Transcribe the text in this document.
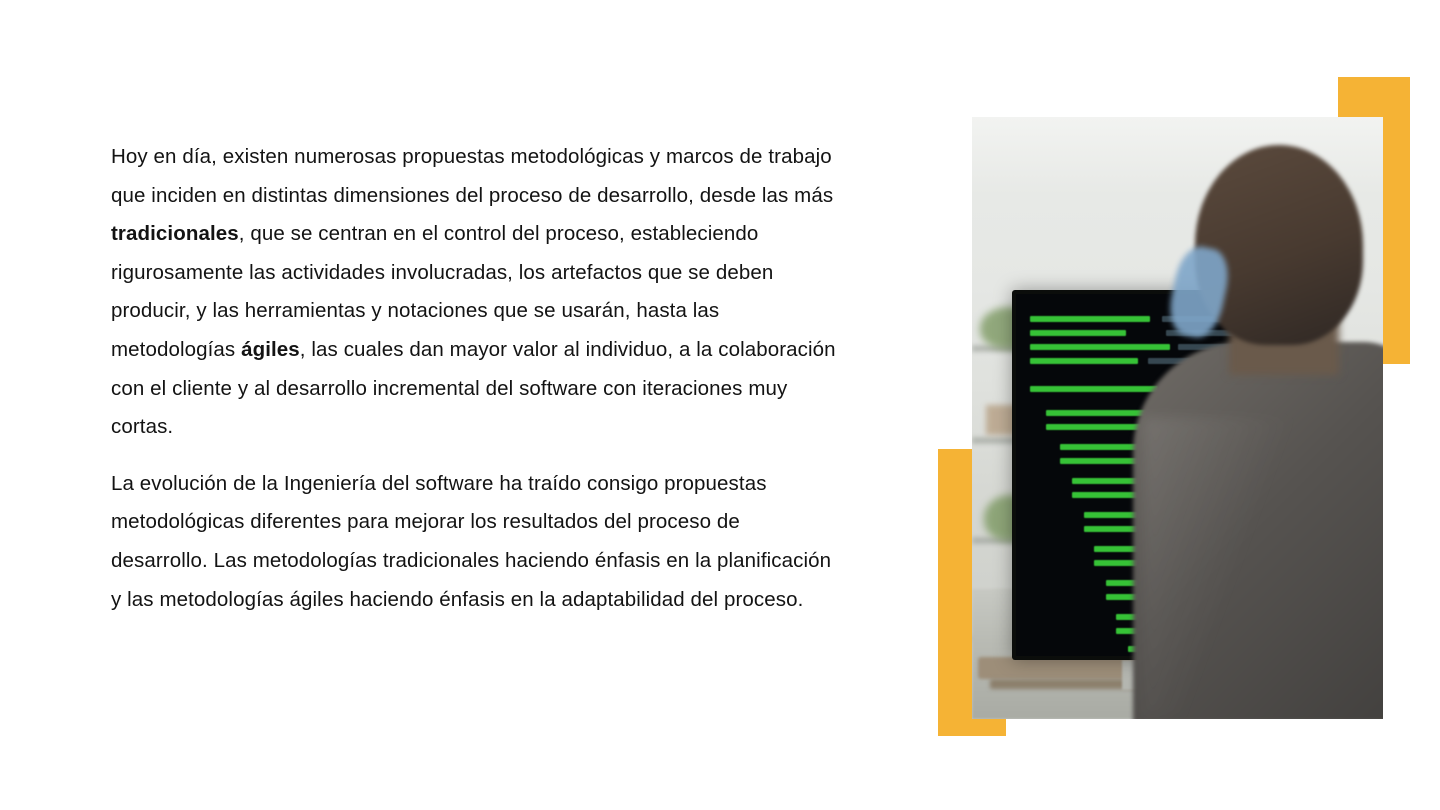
Hoy en día, existen numerosas propuestas metodológicas y marcos de trabajo que inciden en distintas dimensiones del proceso de desarrollo, desde las más tradicionales, que se centran en el control del proceso, estableciendo rigurosamente las actividades involucradas, los artefactos que se deben producir, y las herramientas y notaciones que se usarán, hasta las metodologías ágiles, las cuales dan mayor valor al individuo, a la colaboración con el cliente y al desarrollo incremental del software con iteraciones muy cortas.

La evolución de la Ingeniería del software ha traído consigo propuestas metodológicas diferentes para mejorar los resultados del proceso de desarrollo. Las metodologías tradicionales haciendo énfasis en la planificación y las metodologías ágiles haciendo énfasis en la adaptabilidad del proceso.
